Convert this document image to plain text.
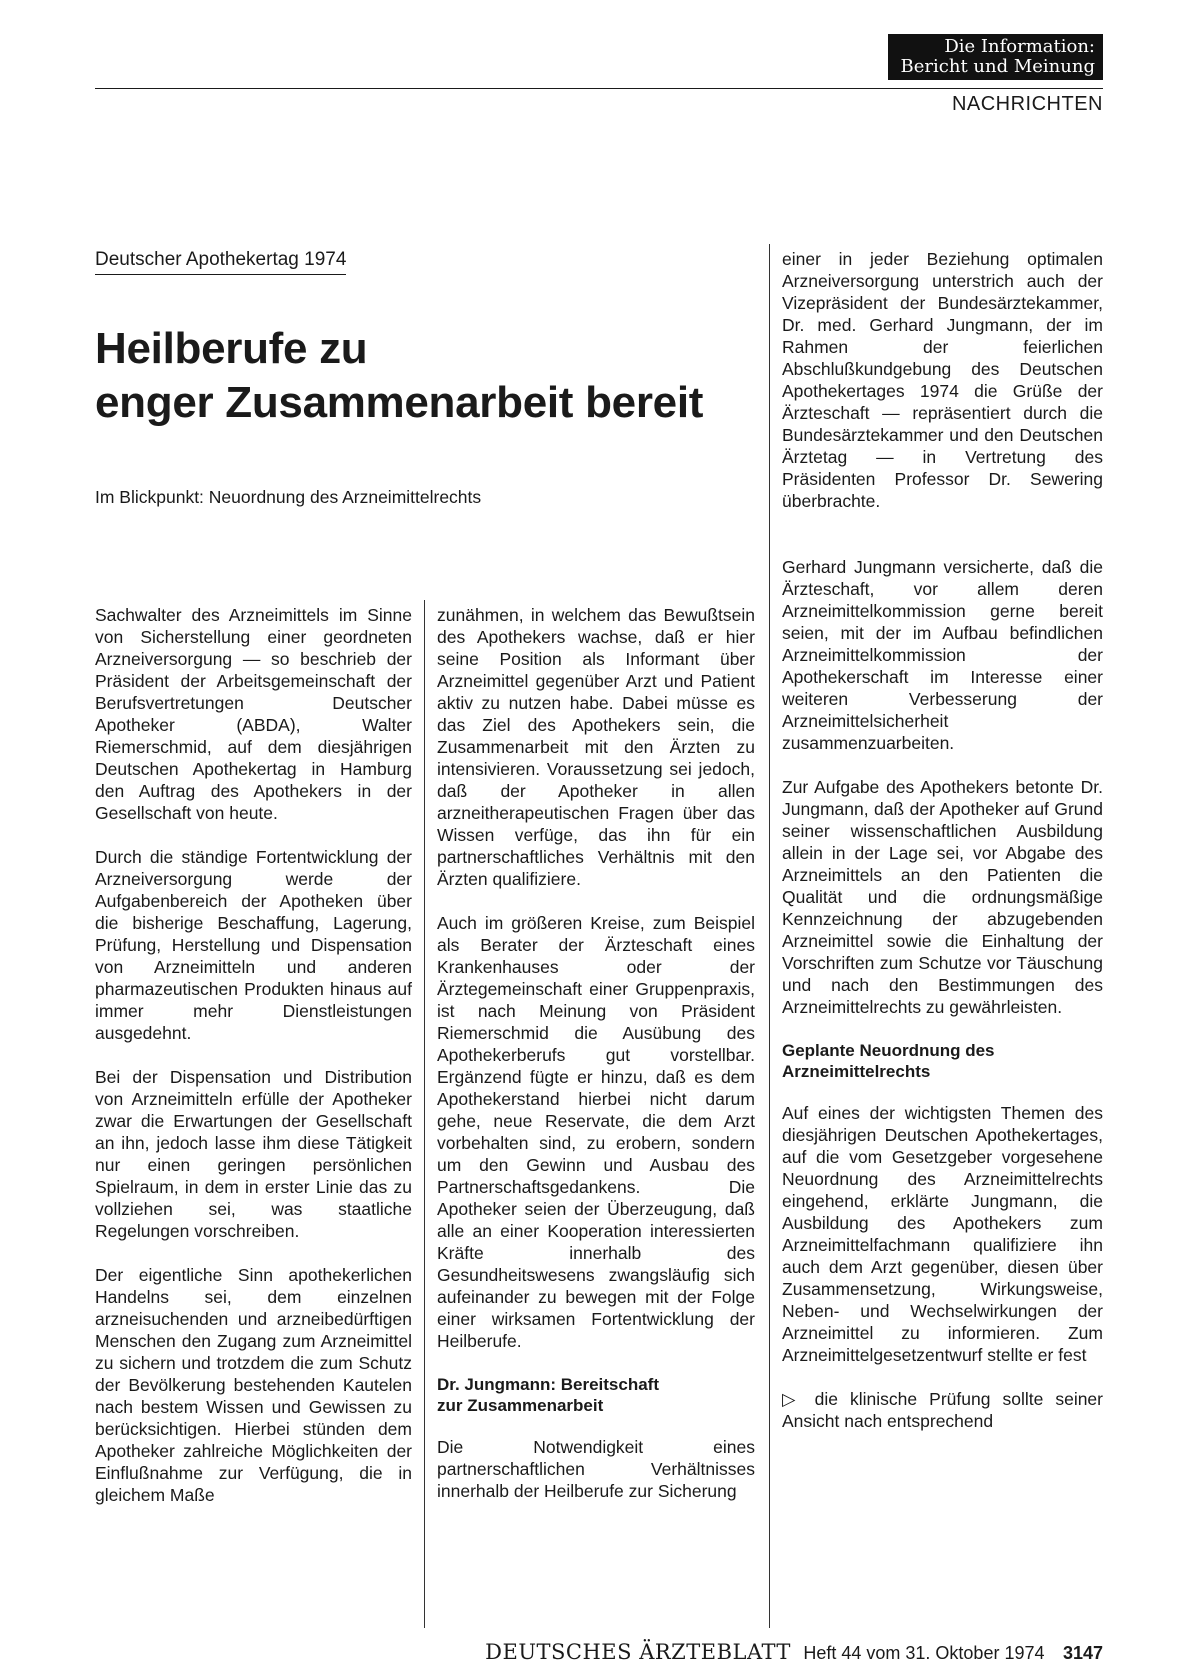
Die Information:
Bericht und Meinung
NACHRICHTEN
Deutscher Apothekertag 1974
Heilberufe zu
enger Zusammenarbeit bereit
Im Blickpunkt: Neuordnung des Arzneimittelrechts

Sachwalter des Arzneimittels im Sinne von Sicherstellung einer geordneten Arzneiversorgung — so beschrieb der Präsident der Arbeitsgemeinschaft der Berufsvertretungen Deutscher Apotheker (ABDA), Walter Riemerschmid, auf dem diesjährigen Deutschen Apothekertag in Hamburg den Auftrag des Apothekers in der Gesellschaft von heute.

Durch die ständige Fortentwicklung der Arzneiversorgung werde der Aufgabenbereich der Apotheken über die bisherige Beschaffung, Lagerung, Prüfung, Herstellung und Dispensation von Arzneimitteln und anderen pharmazeutischen Produkten hinaus auf immer mehr Dienstleistungen ausgedehnt.

Bei der Dispensation und Distribution von Arzneimitteln erfülle der Apotheker zwar die Erwartungen der Gesellschaft an ihn, jedoch lasse ihm diese Tätigkeit nur einen geringen persönlichen Spielraum, in dem in erster Linie das zu vollziehen sei, was staatliche Regelungen vorschreiben.

Der eigentliche Sinn apothekerlichen Handelns sei, dem einzelnen arzneisuchenden und arzneibedürftigen Menschen den Zugang zum Arzneimittel zu sichern und trotzdem die zum Schutz der Bevölkerung bestehenden Kautelen nach bestem Wissen und Gewissen zu berücksichtigen. Hierbei stünden dem Apotheker zahlreiche Möglichkeiten der Einflußnahme zur Verfügung, die in gleichem Maße

zunähmen, in welchem das Bewußtsein des Apothekers wachse, daß er hier seine Position als Informant über Arzneimittel gegenüber Arzt und Patient aktiv zu nutzen habe. Dabei müsse es das Ziel des Apothekers sein, die Zusammenarbeit mit den Ärzten zu intensivieren. Voraussetzung sei jedoch, daß der Apotheker in allen arzneitherapeutischen Fragen über das Wissen verfüge, das ihn für ein partnerschaftliches Verhältnis mit den Ärzten qualifiziere.

Auch im größeren Kreise, zum Beispiel als Berater der Ärzteschaft eines Krankenhauses oder der Ärztegemeinschaft einer Gruppenpraxis, ist nach Meinung von Präsident Riemerschmid die Ausübung des Apothekerberufs gut vorstellbar. Ergänzend fügte er hinzu, daß es dem Apothekerstand hierbei nicht darum gehe, neue Reservate, die dem Arzt vorbehalten sind, zu erobern, sondern um den Gewinn und Ausbau des Partnerschaftsgedankens. Die Apotheker seien der Überzeugung, daß alle an einer Kooperation interessierten Kräfte innerhalb des Gesundheitswesens zwangsläufig sich aufeinander zu bewegen mit der Folge einer wirksamen Fortentwicklung der Heilberufe.

Dr. Jungmann: Bereitschaft
zur Zusammenarbeit

Die Notwendigkeit eines partnerschaftlichen Verhältnisses innerhalb der Heilberufe zur Sicherung

einer in jeder Beziehung optimalen Arzneiversorgung unterstrich auch der Vizepräsident der Bundesärztekammer, Dr. med. Gerhard Jungmann, der im Rahmen der feierlichen Abschlußkundgebung des Deutschen Apothekertages 1974 die Grüße der Ärzteschaft — repräsentiert durch die Bundesärztekammer und den Deutschen Ärztetag — in Vertretung des Präsidenten Professor Dr. Sewering überbrachte.

Gerhard Jungmann versicherte, daß die Ärzteschaft, vor allem deren Arzneimittelkommission gerne bereit seien, mit der im Aufbau befindlichen Arzneimittelkommission der Apothekerschaft im Interesse einer weiteren Verbesserung der Arzneimittelsicherheit zusammenzuarbeiten.

Zur Aufgabe des Apothekers betonte Dr. Jungmann, daß der Apotheker auf Grund seiner wissenschaftlichen Ausbildung allein in der Lage sei, vor Abgabe des Arzneimittels an den Patienten die Qualität und die ordnungsmäßige Kennzeichnung der abzugebenden Arzneimittel sowie die Einhaltung der Vorschriften zum Schutze vor Täuschung und nach den Bestimmungen des Arzneimittelrechts zu gewährleisten.

Geplante Neuordnung des
Arzneimittelrechts

Auf eines der wichtigsten Themen des diesjährigen Deutschen Apothekertages, auf die vom Gesetzgeber vorgesehene Neuordnung des Arzneimittelrechts eingehend, erklärte Jungmann, die Ausbildung des Apothekers zum Arzneimittelfachmann qualifiziere ihn auch dem Arzt gegenüber, diesen über Zusammensetzung, Wirkungsweise, Neben- und Wechselwirkungen der Arzneimittel zu informieren. Zum Arzneimittelgesetzentwurf stellte er fest

▷ die klinische Prüfung sollte seiner Ansicht nach entsprechend

DEUTSCHES ÄRZTEBLATT Heft 44 vom 31. Oktober 1974 3147
